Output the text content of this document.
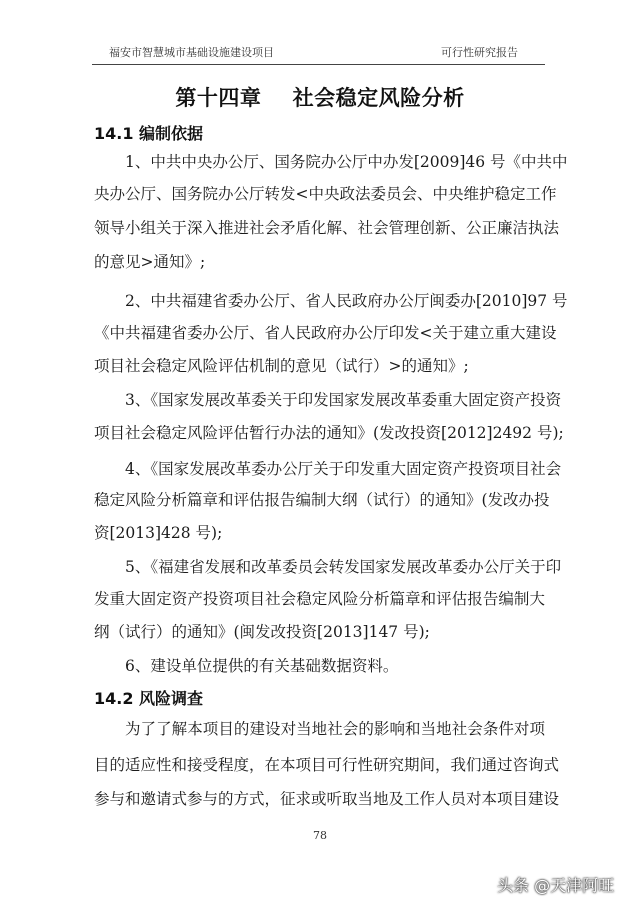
福安市智慧城市基础设施建设项目	可行性研究报告
第十四章    社会稳定风险分析
14.1 编制依据
1、中共中央办公厅、国务院办公厅中办发[2009]46 号《中共中
央办公厅、国务院办公厅转发<中央政法委员会、中央维护稳定工作
领导小组关于深入推进社会矛盾化解、社会管理创新、公正廉洁执法
的意见>通知》;
2、中共福建省委办公厅、省人民政府办公厅闽委办[2010]97 号
《中共福建省委办公厅、省人民政府办公厅印发<关于建立重大建设
项目社会稳定风险评估机制的意见（试行）>的通知》;
3、《国家发展改革委关于印发国家发展改革委重大固定资产投资
项目社会稳定风险评估暂行办法的通知》(发改投资[2012]2492 号);
4、《国家发展改革委办公厅关于印发重大固定资产投资项目社会
稳定风险分析篇章和评估报告编制大纲（试行）的通知》(发改办投
资[2013]428 号);
5、《福建省发展和改革委员会转发国家发展改革委办公厅关于印
发重大固定资产投资项目社会稳定风险分析篇章和评估报告编制大
纲（试行）的通知》(闽发改投资[2013]147 号);
6、建设单位提供的有关基础数据资料。
14.2 风险调查
为了了解本项目的建设对当地社会的影响和当地社会条件对项
目的适应性和接受程度，在本项目可行性研究期间，我们通过咨询式
参与和邀请式参与的方式，征求或听取当地及工作人员对本项目建设
78
头条 @天津阿旺
